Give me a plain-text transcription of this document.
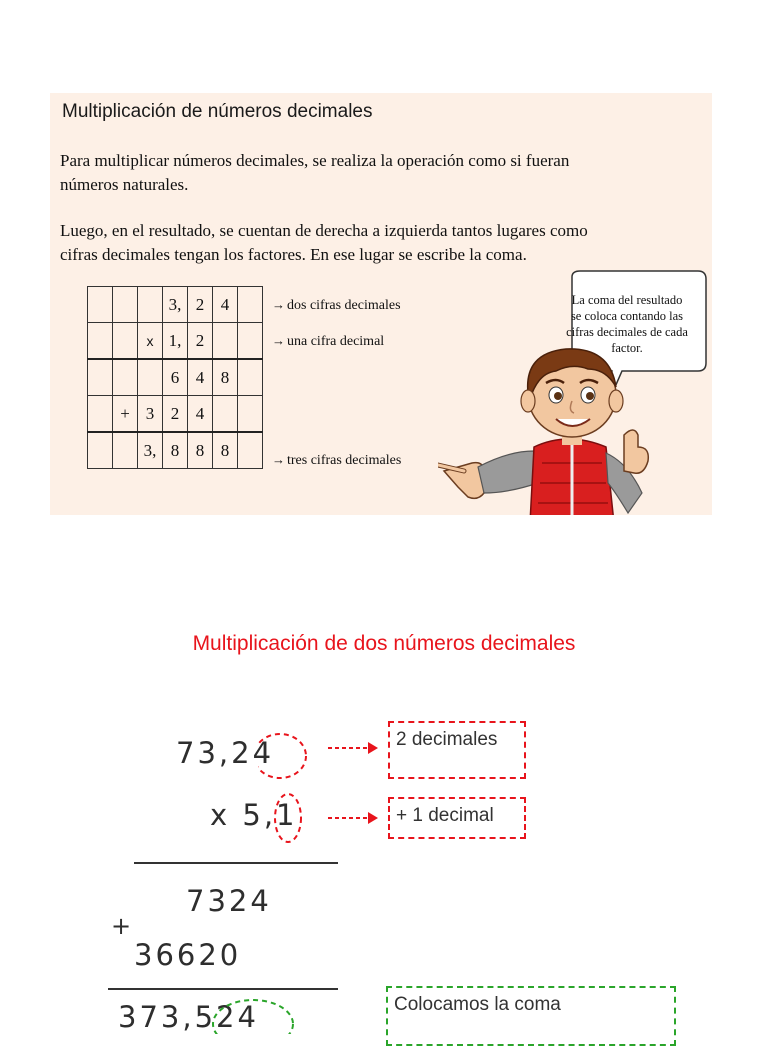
Multiplicación de números decimales

Para multiplicar números decimales, se realiza la operación como si fueran números naturales.

Luego, en el resultado, se cuentan de derecha a izquierda tantos lugares como cifras decimales tengan los factores. En ese lugar se escribe la coma.

			3,	2	4	
		x	1,	2		
			6	4	8	
	+	3	2	4		
		3,	8	8	8	
→ dos cifras decimales
→ una cifra decimal
→ tres cifras decimales
La coma del resultado se coloca contando las cifras decimales de cada factor.
Multiplicación de dos números decimales
73,24
x 5,1
2 decimales
+ 1 decimal
7324
+
36620
373,524	Colocamos la coma
